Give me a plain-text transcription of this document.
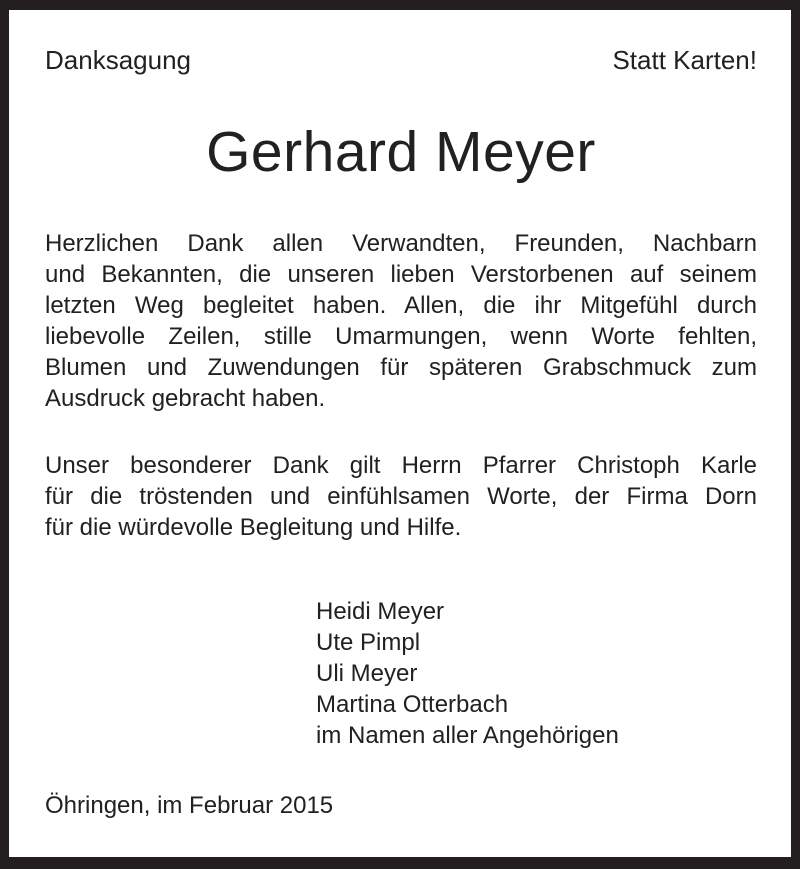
Danksagung	Statt Karten!
Gerhard Meyer
Herzlichen Dank allen Verwandten, Freunden, Nachbarn
und Bekannten, die unseren lieben Verstorbenen auf seinem
letzten Weg begleitet haben. Allen, die ihr Mitgefühl durch
liebevolle Zeilen, stille Umarmungen, wenn Worte fehlten,
Blumen und Zuwendungen für späteren Grabschmuck zum
Ausdruck gebracht haben.
Unser besonderer Dank gilt Herrn Pfarrer Christoph Karle
für die tröstenden und einfühlsamen Worte, der Firma Dorn
für die würdevolle Begleitung und Hilfe.
Heidi Meyer
Ute Pimpl
Uli Meyer
Martina Otterbach
im Namen aller Angehörigen
Öhringen, im Februar 2015
